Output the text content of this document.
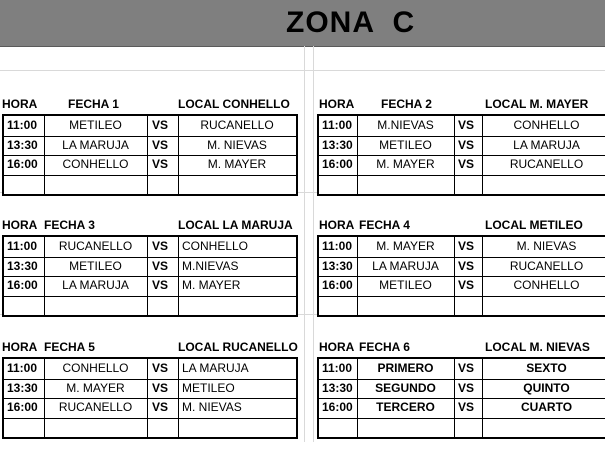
ZONA  C
HORA	FECHA 1	LOCAL CONHELLO
11:00	METILEO	VS	RUCANELLO
13:30	LA MARUJA	VS	M. NIEVAS
16:00	CONHELLO	VS	M. MAYER
HORA FECHA 2	LOCAL M. MAYER
11:00	M.NIEVAS	VS	CONHELLO
13:30	METILEO	VS	LA MARUJA
16:00	M. MAYER	VS	RUCANELLO
HORA FECHA 3	LOCAL LA MARUJA
11:00	RUCANELLO	VS CONHELLO
13:30	METILEO	VS M.NIEVAS
16:00	LA MARUJA	VS M. MAYER
HORA FECHA 4	LOCAL METILEO
11:00	M. MAYER	VS	M. NIEVAS
13:30	LA MARUJA	VS	RUCANELLO
16:00	METILEO	VS	CONHELLO
HORA FECHA 5	LOCAL RUCANELLO
11:00	CONHELLO	VS LA MARUJA
13:30	M. MAYER	VS METILEO
16:00	RUCANELLO	VS M. NIEVAS
HORA FECHA 6	LOCAL M. NIEVAS
11:00	PRIMERO	VS	SEXTO
13:30	SEGUNDO	VS	QUINTO
16:00	TERCERO	VS	CUARTO
